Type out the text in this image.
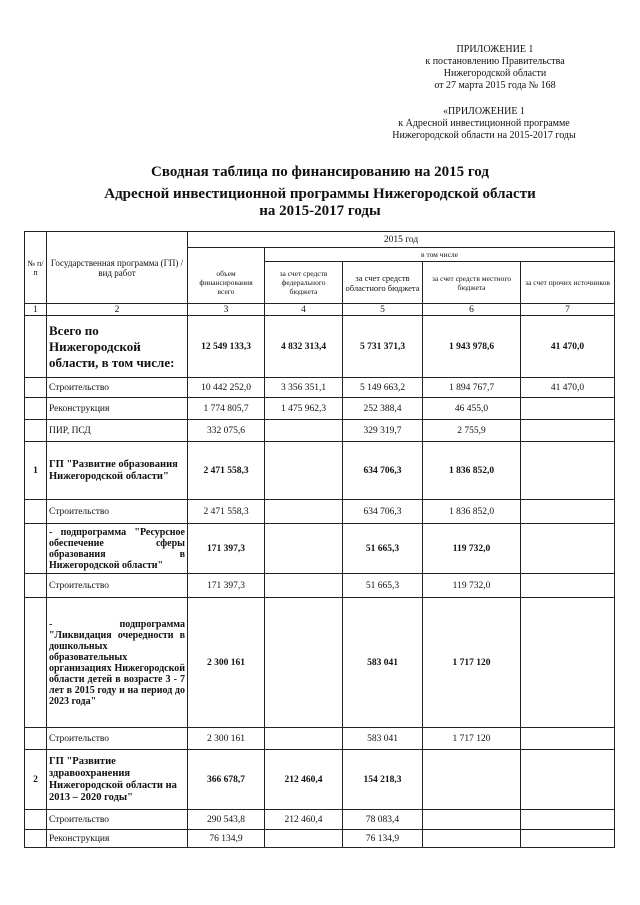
ПРИЛОЖЕНИЕ 1
к постановлению Правительства
Нижегородской области
от 27 марта 2015 года № 168
«ПРИЛОЖЕНИЕ 1
к Адресной инвестиционной программе
Нижегородской области на 2015-2017 годы
Сводная таблица по финансированию на 2015 год
Адресной инвестиционной программы Нижегородской области
на 2015-2017 годы
№ п/п	Государственная программа (ГП) / вид работ	2015 год				
			в том числе			
		объем финансирования всего	за счет средств федерального бюджета	за счет средств областного бюджета	за счет средств местного бюджета	за счет прочих источников
1	2	3	4	5	6	7
	Всего по Нижегородской области, в том числе:	12 549 133,3	4 832 313,4	5 731 371,3	1 943 978,6	41 470,0
	Строительство	10 442 252,0	3 356 351,1	5 149 663,2	1 894 767,7	41 470,0
	Реконструкция	1 774 805,7	1 475 962,3	252 388,4	46 455,0	
	ПИР, ПСД	332 075,6		329 319,7	2 755,9	
1	ГП "Развитие образования Нижегородской области"	2 471 558,3		634 706,3	1 836 852,0	
	Строительство	2 471 558,3		634 706,3	1 836 852,0	
	- подпрограмма "Ресурсное обеспечение сферы образования в Нижегородской области"	171 397,3		51 665,3	119 732,0	
	Строительство	171 397,3		51 665,3	119 732,0	
	- подпрограмма "Ликвидация очередности в дошкольных образовательных организациях Нижегородской области детей в возрасте 3 - 7 лет в 2015 году и на период до 2023 года"	2 300 161		583 041	1 717 120	
	Строительство	2 300 161		583 041	1 717 120	
2	ГП "Развитие здравоохранения Нижегородской области на 2013 – 2020 годы"	366 678,7	212 460,4	154 218,3		
	Строительство	290 543,8	212 460,4	78 083,4		
	Реконструкция	76 134,9		76 134,9		
